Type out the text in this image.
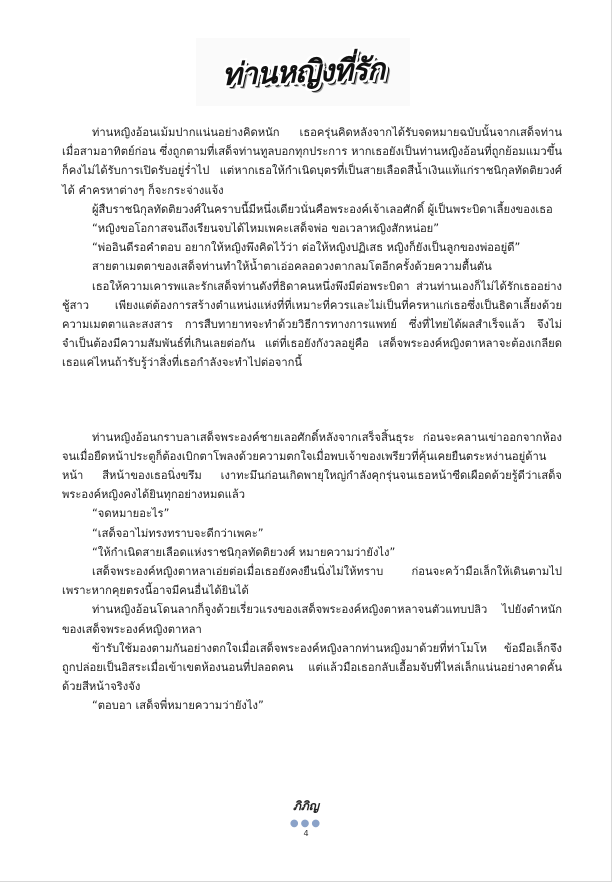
ท่านหญิงที่รัก

ท่านหญิงอ้อนเม้มปากแน่นอย่างคิดหนัก เธอครุ่นคิดหลังจากได้รับจดหมายฉบับนั้นจากเสด็จท่านเมื่อสามอาทิตย์ก่อน ซึ่งถูกตามที่เสด็จท่านทูลบอกทุกประการ หากเธอยังเป็นท่านหญิงอ้อนที่ถูกย้อมแมวขึ้นก็คงไม่ได้รับการเปิดรับอยู่ร่ำไป แต่หากเธอให้กำเนิดบุตรที่เป็นสายเลือดสีน้ำเงินแท้แก่ราชนิกุลทัดติยวงศ์ได้ คำครหาต่างๆ ก็จะกระจ่างแจ้ง

ผู้สืบราชนิกุลทัดติยวงศ์ในคราบนี้มีหนึ่งเดียวนั่นคือพระองค์เจ้าเลอศักดิ์ ผู้เป็นพระบิดาเลี้ยงของเธอ

“หญิงขอโอกาสจนถึงเรียนจบได้ไหมเพคะเสด็จพ่อ ขอเวลาหญิงสักหน่อย”

“พ่ออินดีรอคำตอบ อยากให้หญิงพึงคิดไว้ว่า ต่อให้หญิงปฏิเสธ หญิงก็ยังเป็นลูกของพ่ออยู่ดี”

สายตาเมตตาของเสด็จท่านทำให้น้ำตาเอ่อคลอดวงตากลมโตอีกครั้งด้วยความตื้นตัน

เธอให้ความเคารพและรักเสด็จท่านดังที่ธิดาคนหนึ่งพึงมีต่อพระบิดา ส่วนท่านเองก็ไม่ได้รักเธออย่างชู้สาว เพียงแต่ต้องการสร้างตำแหน่งแห่งที่ที่เหมาะที่ควรและไม่เป็นที่ครหาแก่เธอซึ่งเป็นธิดาเลี้ยงด้วยความเมตตาและสงสาร การสืบทายาทจะทำด้วยวิธีการทางการแพทย์ ซึ่งที่ไทยได้ผลสำเร็จแล้ว จึงไม่จำเป็นต้องมีความสัมพันธ์ที่เกินเลยต่อกัน แต่ที่เธอยังกังวลอยู่คือ เสด็จพระองค์หญิงตาหลาจะต้องเกลียดเธอแค่ไหนถ้ารับรู้ว่าสิ่งที่เธอกำลังจะทำไปต่อจากนี้

ท่านหญิงอ้อนกราบลาเสด็จพระองค์ชายเลอศักดิ์หลังจากเสร็จสิ้นธุระ ก่อนจะคลานเข่าออกจากห้อง จนเมื่อยืดหน้าประตูก็ต้องเบิกตาโพลงด้วยความตกใจเมื่อพบเจ้าของเพรียวที่คุ้นเคยยืนตระหง่านอยู่ด้านหน้า สีหน้าของเธอนิ่งขรึม เงาทะมึนก่อนเกิดพายุใหญ่กำลังคุกรุ่นจนเธอหน้าซีดเผือดด้วยรู้ดีว่าเสด็จพระองค์หญิงคงได้ยินทุกอย่างหมดแล้ว

“จดหมายอะไร”

“เสด็จอาไม่ทรงทราบจะดีกว่าเพคะ”

“ให้กำเนิดสายเลือดแห่งราชนิกุลทัดติยวงศ์ หมายความว่ายังไง”

เสด็จพระองค์หญิงตาหลาเอ่ยต่อเมื่อเธอยังคงยืนนิ่งไม่ให้ทราบ ก่อนจะคว้ามือเล็กให้เดินตามไป เพราะหากคุยตรงนี้อาจมีคนอื่นได้ยินได้

ท่านหญิงอ้อนโดนลากก็จูงด้วยเรี่ยวแรงของเสด็จพระองค์หญิงตาหลาจนตัวแทบปลิว ไปยังตำหนักของเสด็จพระองค์หญิงตาหลา

ข้ารับใช้มองตามกันอย่างตกใจเมื่อเสด็จพระองค์หญิงลากท่านหญิงมาด้วยที่ท่าโมโห ข้อมือเล็กจึงถูกปล่อยเป็นอิสระเมื่อเข้าเขตห้องนอนที่ปลอดคน แต่แล้วมือเธอกลับเอื้อมจับที่ไหล่เล็กแน่นอย่างคาดคั้นด้วยสีหน้าจริงจัง

“ตอบอา เสด็จพี่หมายความว่ายังไง”

ภิภิญ
●●●
4
